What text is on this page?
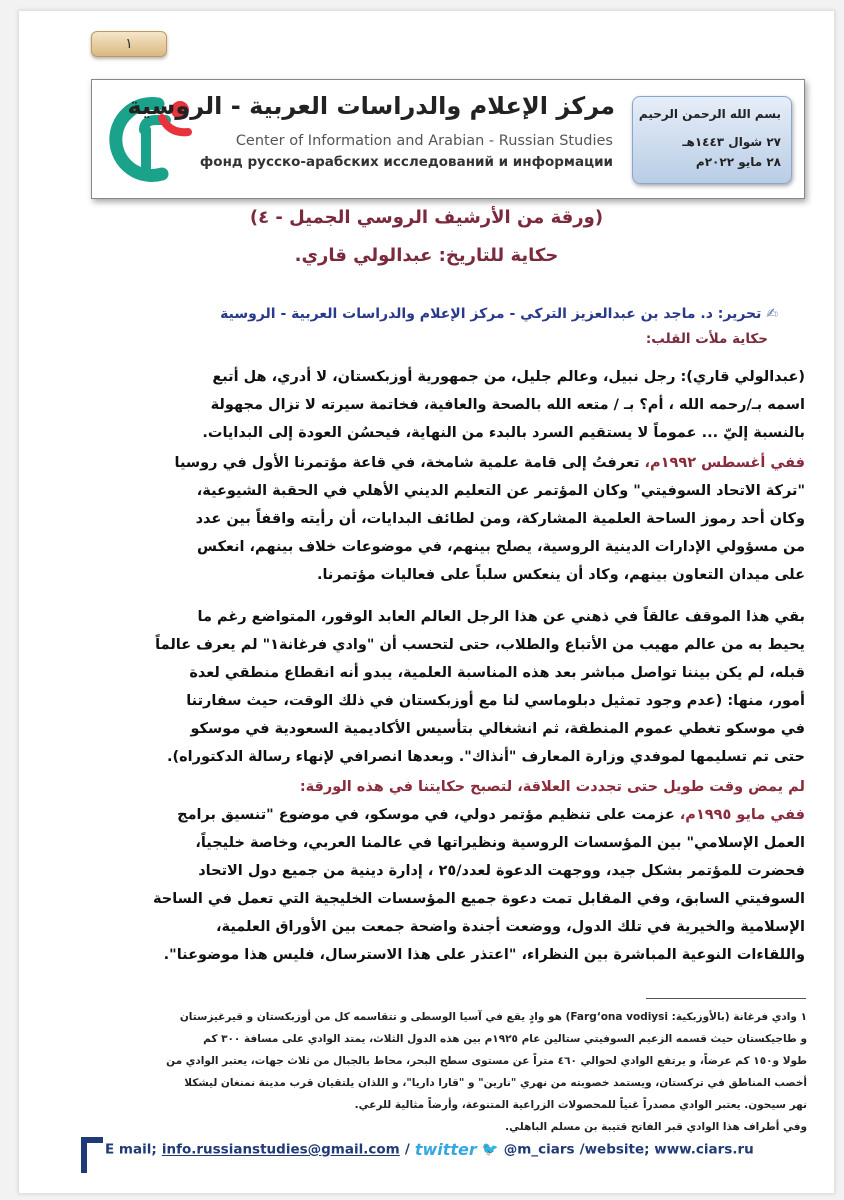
١
مركز الإعلام والدراسات العربية - الروسية
Center of Information and Arabian - Russian Studies
фонд русско-арабских исследований и информации
بسم الله الرحمن الرحيم
٢٧ شوال ١٤٤٣هـ
٢٨ مايو ٢٠٢٢م
(ورقة من الأرشيف الروسي الجميل - ٤)
حكاية للتاريخ: عبدالولي قاري.
✍ تحرير: د. ماجد بن عبدالعزيز التركي - مركز الإعلام والدراسات العربية - الروسية
حكاية ملأت القلب:
(عبدالولي قاري): رجل نبيل، وعالم جليل، من جمهورية أوزبكستان، لا أدري، هل أتبع
اسمه بـ/رحمه الله ، أم؟ بـ / متعه الله بالصحة والعافية، فخاتمة سيرته لا تزال مجهولة
بالنسبة إليّ ... عموماً لا يستقيم السرد بالبدء من النهاية، فيحسُن العودة إلى البدايات.
ففي أغسطس ١٩٩٢م، تعرفتُ إلى قامة علمية شامخة، في قاعة مؤتمرنا الأول في روسيا
"تركة الاتحاد السوفيتي" وكان المؤتمر عن التعليم الديني الأهلي في الحقبة الشيوعية،
وكان أحد رموز الساحة العلمية المشاركة، ومن لطائف البدايات، أن رأيته واقفاً بين عدد
من مسؤولي الإدارات الدينية الروسية، يصلح بينهم، في موضوعات خلاف بينهم، انعكس
على ميدان التعاون بينهم، وكاد أن ينعكس سلباً على فعاليات مؤتمرنا.
بقي هذا الموقف عالقاً في ذهني عن هذا الرجل العالم العابد الوقور، المتواضع رغم ما
يحيط به من عالم مهيب من الأتباع والطلاب، حتى لتحسب أن "وادي فرغانة١" لم يعرف عالماً
قبله، لم يكن بيننا تواصل مباشر بعد هذه المناسبة العلمية، يبدو أنه انقطاع منطقي لعدة
أمور، منها: (عدم وجود تمثيل دبلوماسي لنا مع أوزبكستان في ذلك الوقت، حيث سفارتنا
في موسكو تغطي عموم المنطقة، ثم انشغالي بتأسيس الأكاديمية السعودية في موسكو
حتى تم تسليمها لموفدي وزارة المعارف "أنذاك". وبعدها انصرافي لإنهاء رسالة الدكتوراه).
لم يمض وقت طويل حتى تجددت العلاقة، لتصبح حكايتنا في هذه الورقة:
ففي مايو ١٩٩٥م، عزمت على تنظيم مؤتمر دولي، في موسكو، في موضوع "تنسيق برامج
العمل الإسلامي" بين المؤسسات الروسية ونظيراتها في عالمنا العربي، وخاصة خليجياً،
فحضرت للمؤتمر بشكل جيد، ووجهت الدعوة لعدد/٢٥ ، إدارة دينية من جميع دول الاتحاد
السوفيتي السابق، وفي المقابل تمت دعوة جميع المؤسسات الخليجية التي تعمل في الساحة
الإسلامية والخيرية في تلك الدول، ووضعت أجندة واضحة جمعت بين الأوراق العلمية،
واللقاءات النوعية المباشرة بين النظراء، "اعتذر على هذا الاسترسال، فليس هذا موضوعنا".
١ وادي فرغانة (بالأوزبكية: Farg‘ona vodiysi) هو وادٍ يقع في آسيا الوسطى و تتقاسمه كل من أوزبكستان و قيرغيزستان
و طاجيكستان حيث قسمه الزعيم السوفيتي ستالين عام ١٩٢٥م بين هذه الدول الثلاث، يمتد الوادي على مسافة ٣٠٠ كم
طولا و١٥٠ كم عرضاً، و يرتفع الوادي لحوالي ٤٦٠ متراً عن مستوى سطح البحر، محاط بالجبال من ثلاث جهات، يعتبر الوادي من
أخصب المناطق في تركستان، ويستمد خصوبته من نهري "نارين" و "قارا داريا"، و اللذان يلتقيان قرب مدينة نمنغان ليشكلا
نهر سيحون. يعتبر الوادي مصدراً غنياً للمحصولات الزراعية المتنوعة، وأرضاً مثالية للرعي.
وفي أطراف هذا الوادي قبر الفاتح قتيبة بن مسلم الباهلي.
E mail; info.russianstudies@gmail.com / twitter 🐦 @m_ciars /website; www.ciars.ru
